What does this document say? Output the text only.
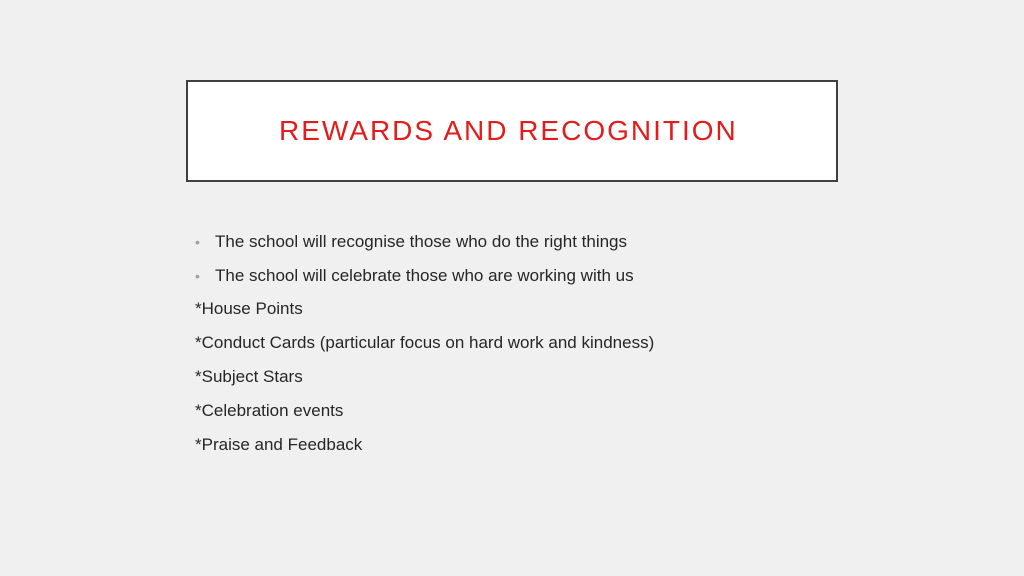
REWARDS AND RECOGNITION
• The school will recognise those who do the right things
• The school will celebrate those who are working with us
*House Points
*Conduct Cards (particular focus on hard work and kindness)
*Subject Stars
*Celebration events
*Praise and Feedback
